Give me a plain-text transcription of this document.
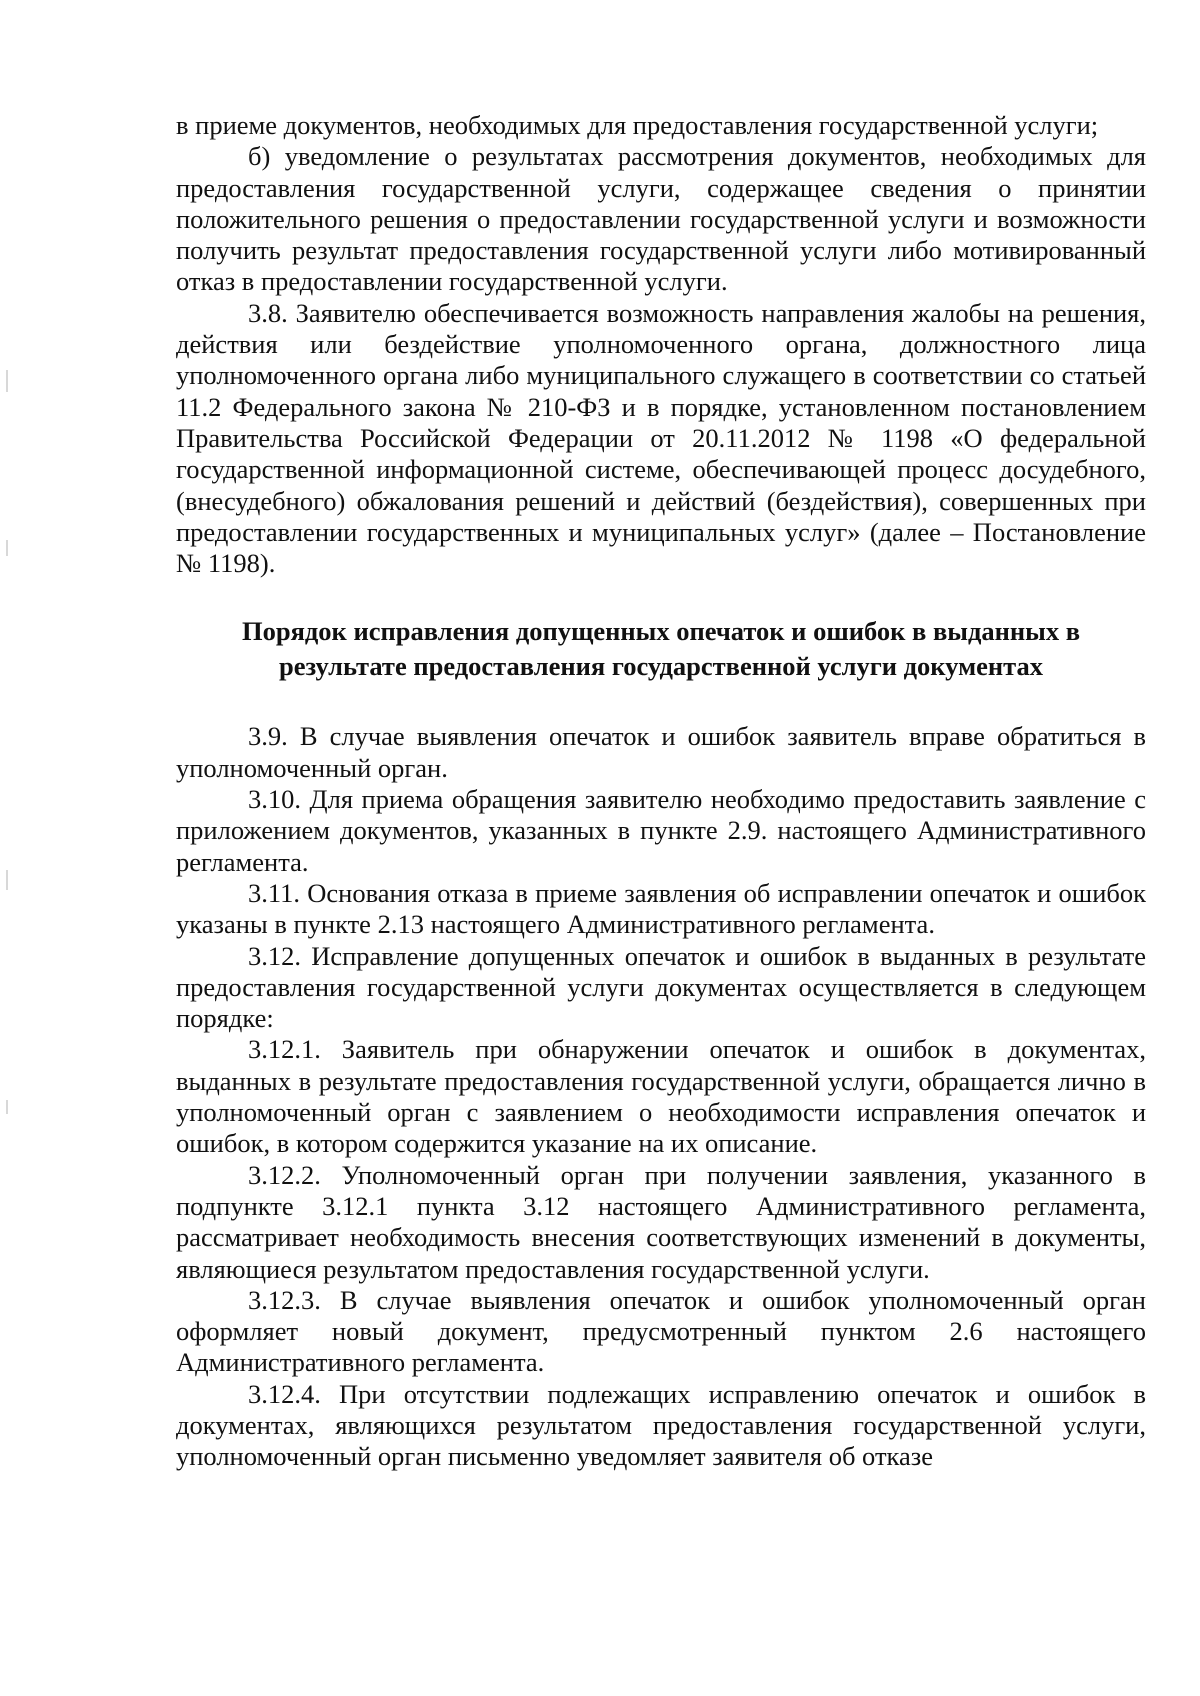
в приеме документов, необходимых для предоставления государственной услуги;

б) уведомление о результатах рассмотрения документов, необходимых для предоставления государственной услуги, содержащее сведения о принятии положительного решения о предоставлении государственной услуги и возможности получить результат предоставления государственной услуги либо мотивированный отказ в предоставлении государственной услуги.

3.8. Заявителю обеспечивается возможность направления жалобы на решения, действия или бездействие уполномоченного органа, должностного лица уполномоченного органа либо муниципального служащего в соответствии со статьей 11.2 Федерального закона № 210-ФЗ и в порядке, установленном постановлением Правительства Российской Федерации от 20.11.2012 № 1198 «О федеральной государственной информационной системе, обеспечивающей процесс досудебного, (внесудебного) обжалования решений и действий (бездействия), совершенных при предоставлении государственных и муниципальных услуг» (далее – Постановление № 1198).

Порядок исправления допущенных опечаток и ошибок в выданных в
результате предоставления государственной услуги документах

3.9. В случае выявления опечаток и ошибок заявитель вправе обратиться в уполномоченный орган.

3.10. Для приема обращения заявителю необходимо предоставить заявление с приложением документов, указанных в пункте 2.9. настоящего Административного регламента.

3.11. Основания отказа в приеме заявления об исправлении опечаток и ошибок указаны в пункте 2.13 настоящего Административного регламента.

3.12. Исправление допущенных опечаток и ошибок в выданных в результате предоставления государственной услуги документах осуществляется в следующем порядке:

3.12.1. Заявитель при обнаружении опечаток и ошибок в документах, выданных в результате предоставления государственной услуги, обращается лично в уполномоченный орган с заявлением о необходимости исправления опечаток и ошибок, в котором содержится указание на их описание.

3.12.2. Уполномоченный орган при получении заявления, указанного в подпункте 3.12.1 пункта 3.12 настоящего Административного регламента, рассматривает необходимость внесения соответствующих изменений в документы, являющиеся результатом предоставления государственной услуги.

3.12.3. В случае выявления опечаток и ошибок уполномоченный орган оформляет новый документ, предусмотренный пунктом 2.6 настоящего Административного регламента.

3.12.4. При отсутствии подлежащих исправлению опечаток и ошибок в документах, являющихся результатом предоставления государственной услуги, уполномоченный орган письменно уведомляет заявителя об отказе
